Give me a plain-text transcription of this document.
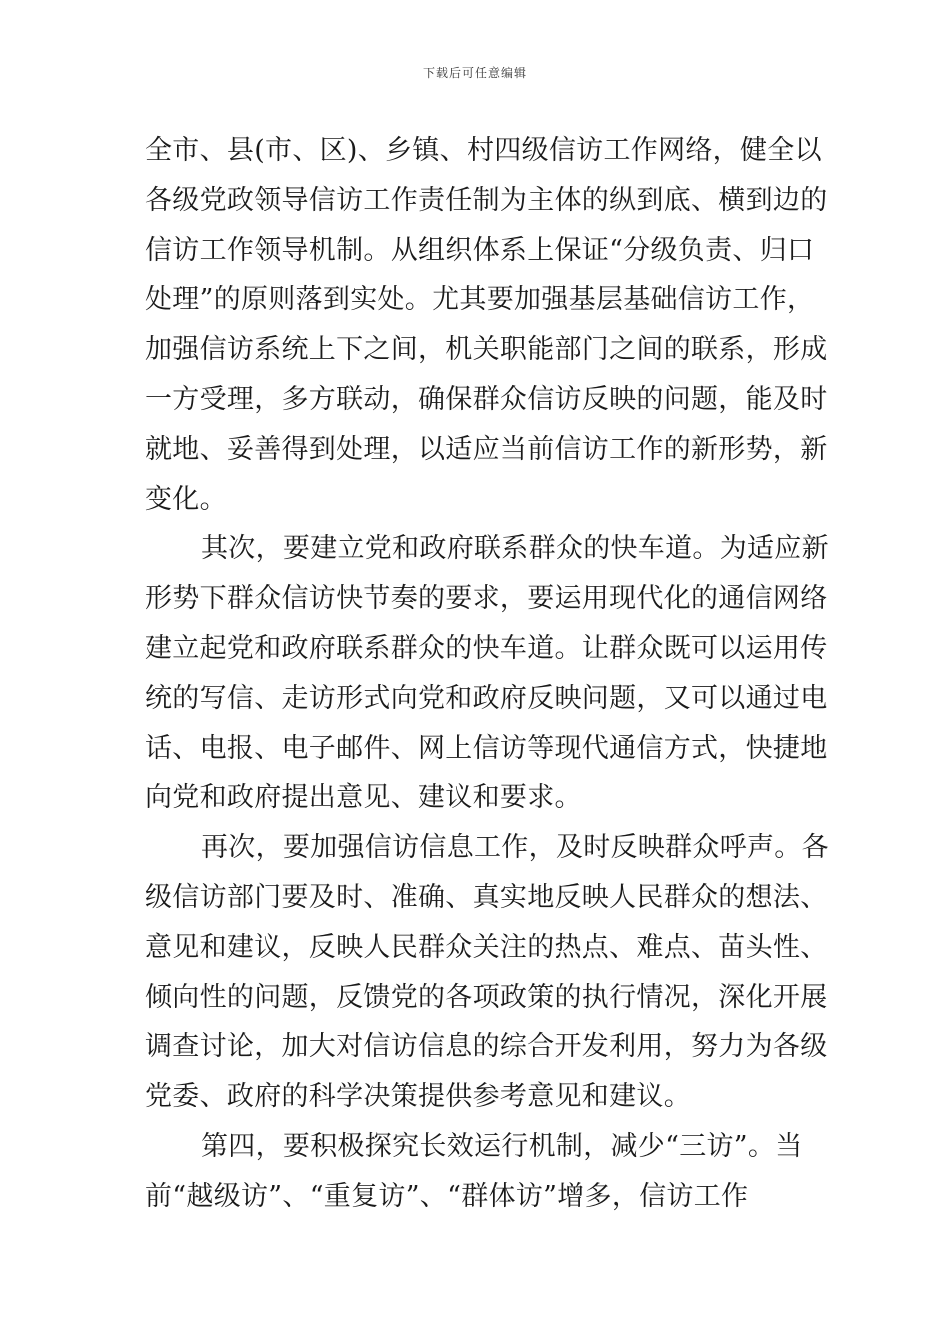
下载后可任意编辑
全市、县(市、区)、乡镇、村四级信访工作网络，健全以
各级党政领导信访工作责任制为主体的纵到底、横到边的
信访工作领导机制。从组织体系上保证“分级负责、归口
处理”的原则落到实处。尤其要加强基层基础信访工作，
加强信访系统上下之间，机关职能部门之间的联系，形成
一方受理，多方联动，确保群众信访反映的问题，能及时
就地、妥善得到处理，以适应当前信访工作的新形势，新
变化。
其次，要建立党和政府联系群众的快车道。为适应新
形势下群众信访快节奏的要求，要运用现代化的通信网络
建立起党和政府联系群众的快车道。让群众既可以运用传
统的写信、走访形式向党和政府反映问题，又可以通过电
话、电报、电子邮件、网上信访等现代通信方式，快捷地
向党和政府提出意见、建议和要求。
再次，要加强信访信息工作，及时反映群众呼声。各
级信访部门要及时、准确、真实地反映人民群众的想法、
意见和建议，反映人民群众关注的热点、难点、苗头性、
倾向性的问题，反馈党的各项政策的执行情况，深化开展
调查讨论，加大对信访信息的综合开发利用，努力为各级
党委、政府的科学决策提供参考意见和建议。
第四，要积极探究长效运行机制，减少“三访”。当
前“越级访”、“重复访”、“群体访”增多，信访工作
